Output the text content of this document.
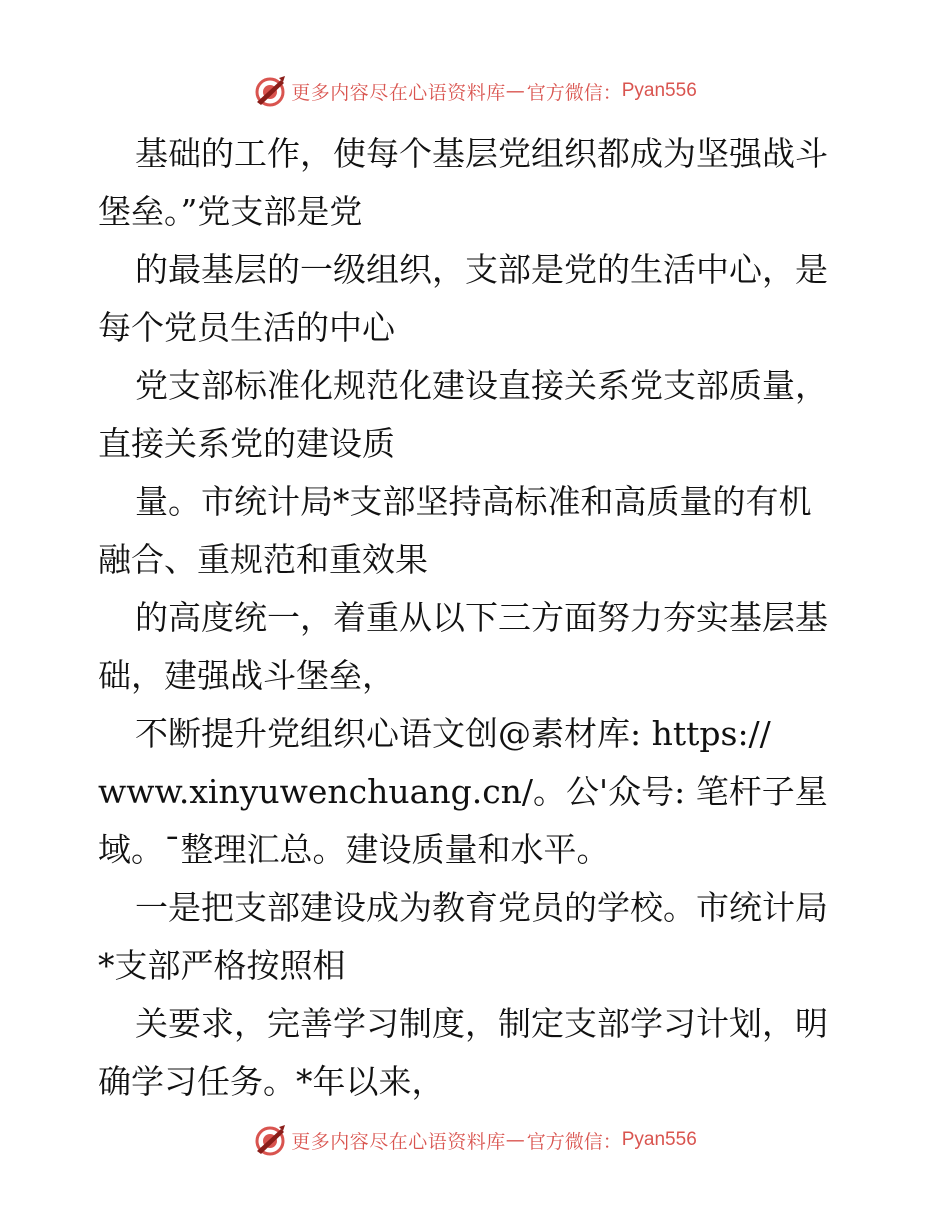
更多内容尽在心语资料库 — 官方微信： Pyan556
基础的工作，使每个基层党组织都成为坚强战斗
堡垒。”党支部是党
的最基层的一级组织，支部是党的生活中心，是
每个党员生活的中心
党支部标准化规范化建设直接关系党支部质量，
直接关系党的建设质
量。市统计局*支部坚持高标准和高质量的有机
融合、重规范和重效果
的高度统一，着重从以下三方面努力夯实基层基
础，建强战斗堡垒，
不断提升党组织心语文创@素材库: https://
www.xinyuwenchuang.cn/。公'众号: 笔杆子星
域。¯整理汇总。建设质量和水平。
一是把支部建设成为教育党员的学校。市统计局
*支部严格按照相
关要求，完善学习制度，制定支部学习计划，明
确学习任务。*年以来，
更多内容尽在心语资料库 — 官方微信： Pyan556
